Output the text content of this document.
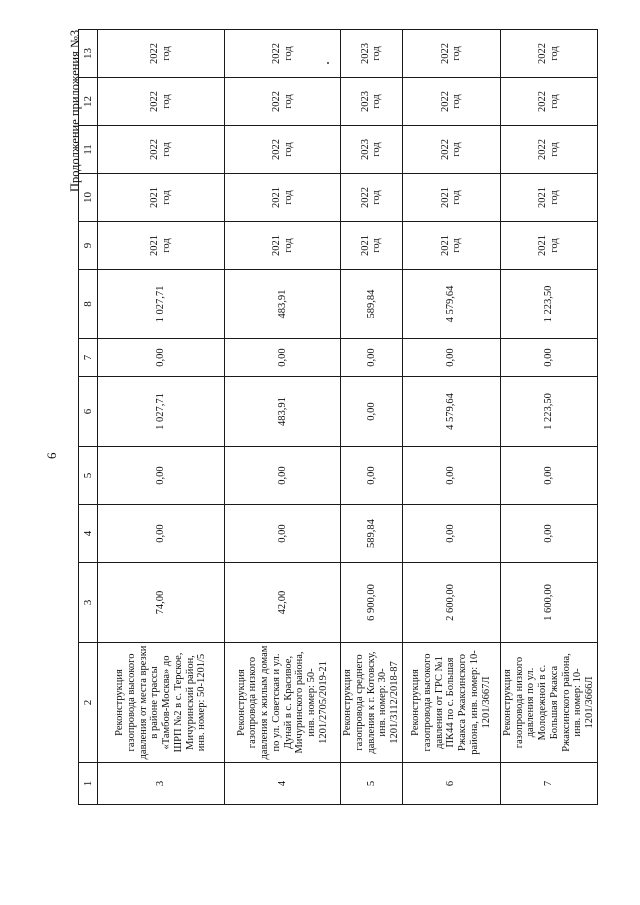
6
Продолжение приложения №3
1	2	3	4	5	6	7	8	9	10	11	12	13
3	Реконструкция газопровода высокого давления от места врезки в районе трассы «Тамбов-Москва» до ШРП №2 в с. Терское, Мичуринский район, инв. номер: 50-1201/5	74,00	0,00	0,00	1 027,71	0,00	1 027,71	2021 год	2021 год	2022 год	2022 год	2022 год

4	Реконструкция газопровода низкого давления к жилым домам по ул. Советская и ул. Дунай в с. Красивое, Мичуринского района, инв. номер: 50-1201/2705/2019-21	42,00	0,00	0,00	483,91	0,00	483,91	2021 год	2021 год	2022 год	2022 год	2022 год

5	Реконструкция газопровода среднего давления к г. Котовску, инв. номер: 30-1201/3112/2018-87	6 900,00	589,84	0,00	0,00	0,00	589,84	2021 год	2022 год	2023 год	2023 год	2023 год

6	Реконструкция газопровода высокого давления от ГРС №1 ПК44 по с. Большая Ржакса Ржаксинского района, инв. номер: 10-1201/3667Л	2 600,00	0,00	0,00	4 579,64	0,00	4 579,64	2021 год	2021 год	2022 год	2022 год	2022 год

7	Реконструкция газопровода низкого давления по ул. Молодежной в с. Большая Ржакса Ржаксинского района, инв. номер: 10-1201/3666Л	1 600,00	0,00	0,00	1 223,50	0,00	1 223,50	2021 год	2021 год	2022 год	2022 год	2022 год
